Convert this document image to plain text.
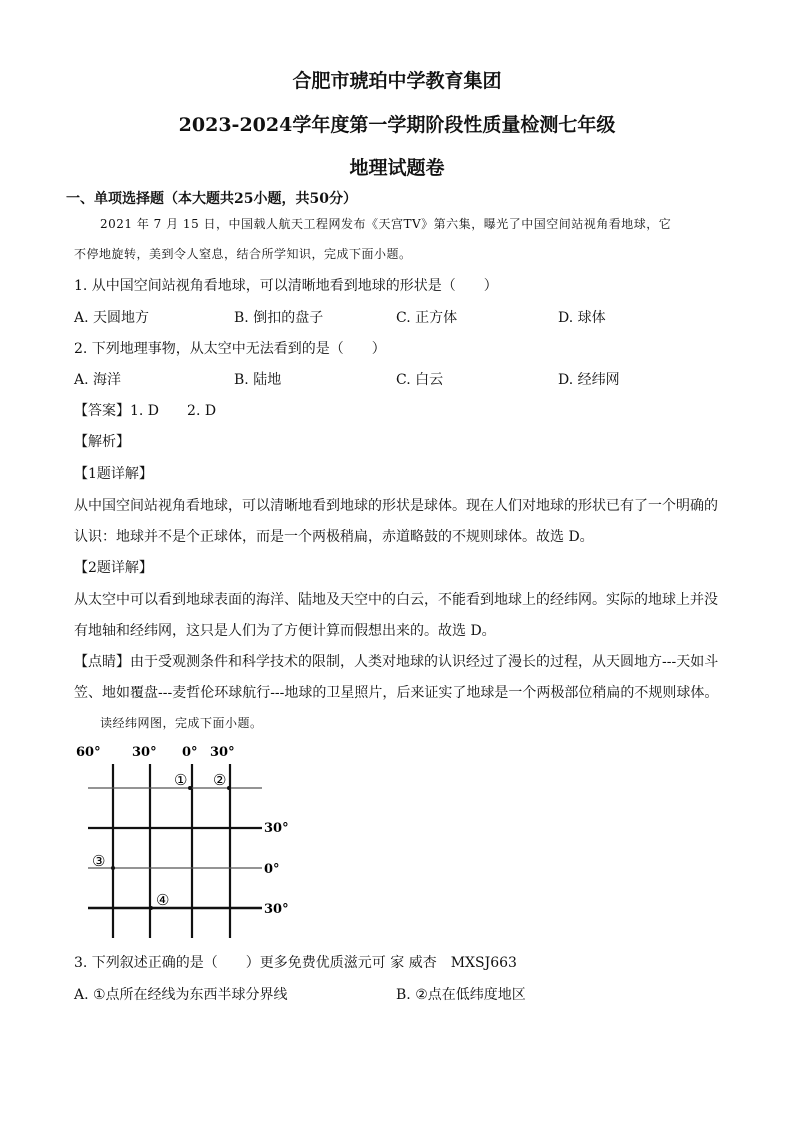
合肥市琥珀中学教育集团
2023-2024学年度第一学期阶段性质量检测七年级
地理试题卷
一、单项选择题（本大题共25小题，共50分）
2021 年 7 月 15 日，中国载人航天工程网发布《天宫TV》第六集，曝光了中国空间站视角看地球，它
不停地旋转，美到令人窒息，结合所学知识，完成下面小题。
1. 从中国空间站视角看地球，可以清晰地看到地球的形状是（　　）
A. 天圆地方	B. 倒扣的盘子	C. 正方体	D. 球体
2. 下列地理事物，从太空中无法看到的是（　　）
A. 海洋	B. 陆地	C. 白云	D. 经纬网
【答案】1. D　　2. D
【解析】
【1题详解】
从中国空间站视角看地球，可以清晰地看到地球的形状是球体。现在人们对地球的形状已有了一个明确的
认识：地球并不是个正球体，而是一个两极稍扁，赤道略鼓的不规则球体。故选 D。
【2题详解】
从太空中可以看到地球表面的海洋、陆地及天空中的白云，不能看到地球上的经纬网。实际的地球上并没
有地轴和经纬网，这只是人们为了方便计算而假想出来的。故选 D。
【点睛】由于受观测条件和科学技术的限制，人类对地球的认识经过了漫长的过程，从天圆地方---天如斗
笠、地如覆盘---麦哲伦环球航行---地球的卫星照片，后来证实了地球是一个两极部位稍扁的不规则球体。
读经纬网图，完成下面小题。
60° 30° 0° 30°
30°
0°
30°
① ②
③
④
3. 下列叙述正确的是（　　）更多免费优质滋元可 家 威杏　MXSJ663
A. ①点所在经线为东西半球分界线	B. ②点在低纬度地区
